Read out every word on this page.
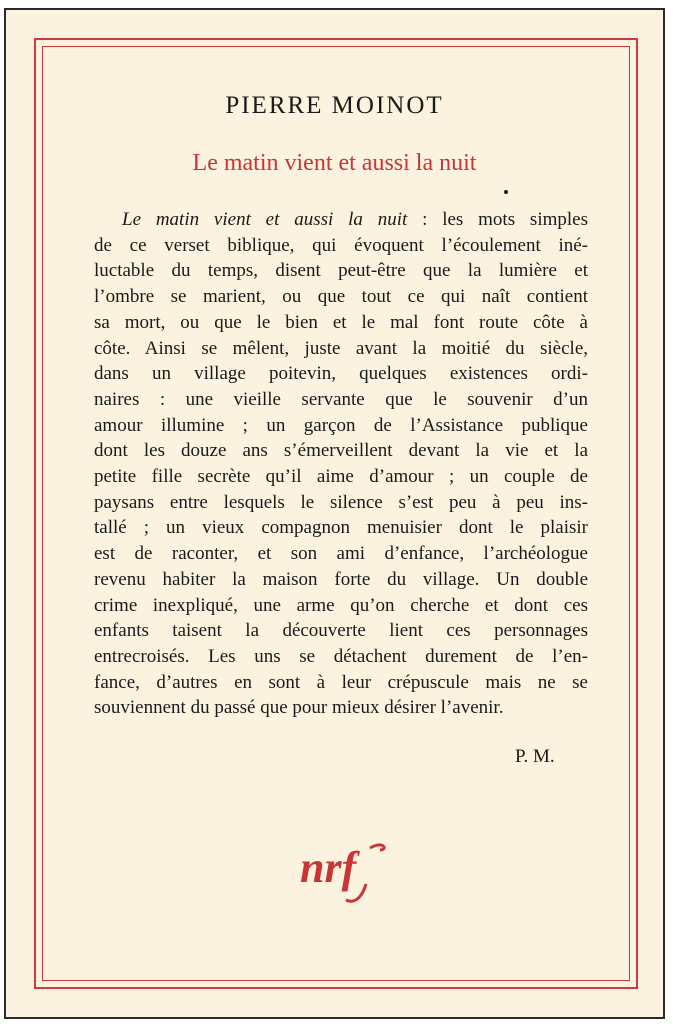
PIERRE MOINOT
Le matin vient et aussi la nuit
Le matin vient et aussi la nuit : les mots simples
de ce verset biblique, qui évoquent l’écoulement iné-
luctable du temps, disent peut-être que la lumière et
l’ombre se marient, ou que tout ce qui naît contient
sa mort, ou que le bien et le mal font route côte à
côte. Ainsi se mêlent, juste avant la moitié du siècle,
dans un village poitevin, quelques existences ordi-
naires : une vieille servante que le souvenir d’un
amour illumine ; un garçon de l’Assistance publique
dont les douze ans s’émerveillent devant la vie et la
petite fille secrète qu’il aime d’amour ; un couple de
paysans entre lesquels le silence s’est peu à peu ins-
tallé ; un vieux compagnon menuisier dont le plaisir
est de raconter, et son ami d’enfance, l’archéologue
revenu habiter la maison forte du village. Un double
crime inexpliqué, une arme qu’on cherche et dont ces
enfants taisent la découverte lient ces personnages
entrecroisés. Les uns se détachent durement de l’en-
fance, d’autres en sont à leur crépuscule mais ne se
souviennent du passé que pour mieux désirer l’avenir.
P. M.
nrf
